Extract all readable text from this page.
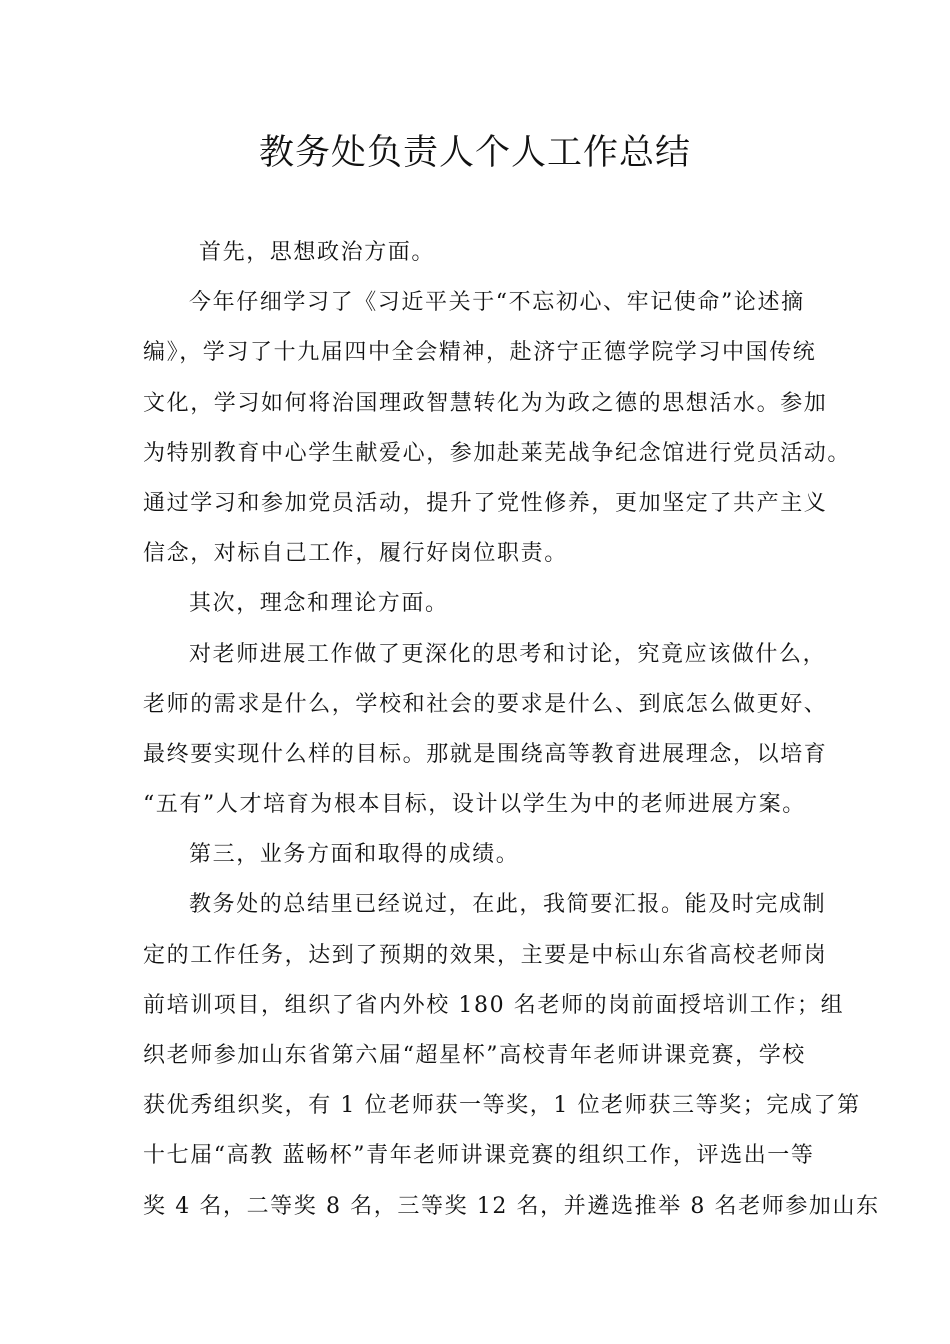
教务处负责人个人工作总结
首先，思想政治方面。
今年仔细学习了《习近平关于“不忘初心、牢记使命”论述摘
编》，学习了十九届四中全会精神，赴济宁正德学院学习中国传统
文化，学习如何将治国理政智慧转化为为政之德的思想活水。参加
为特别教育中心学生献爱心，参加赴莱芜战争纪念馆进行党员活动。
通过学习和参加党员活动，提升了党性修养，更加坚定了共产主义
信念，对标自己工作，履行好岗位职责。
其次，理念和理论方面。
对老师进展工作做了更深化的思考和讨论，究竟应该做什么，
老师的需求是什么，学校和社会的要求是什么、到底怎么做更好、
最终要实现什么样的目标。那就是围绕高等教育进展理念，以培育
“五有”人才培育为根本目标，设计以学生为中的老师进展方案。
第三，业务方面和取得的成绩。
教务处的总结里已经说过，在此，我简要汇报。能及时完成制
定的工作任务，达到了预期的效果，主要是中标山东省高校老师岗
前培训项目，组织了省内外校 180 名老师的岗前面授培训工作；组
织老师参加山东省第六届“超星杯”高校青年老师讲课竞赛，学校
获优秀组织奖，有 1 位老师获一等奖，1 位老师获三等奖；完成了第
十七届“高教 蓝畅杯”青年老师讲课竞赛的组织工作，评选出一等
奖 4 名，二等奖 8 名，三等奖 12 名，并遴选推举 8 名老师参加山东
